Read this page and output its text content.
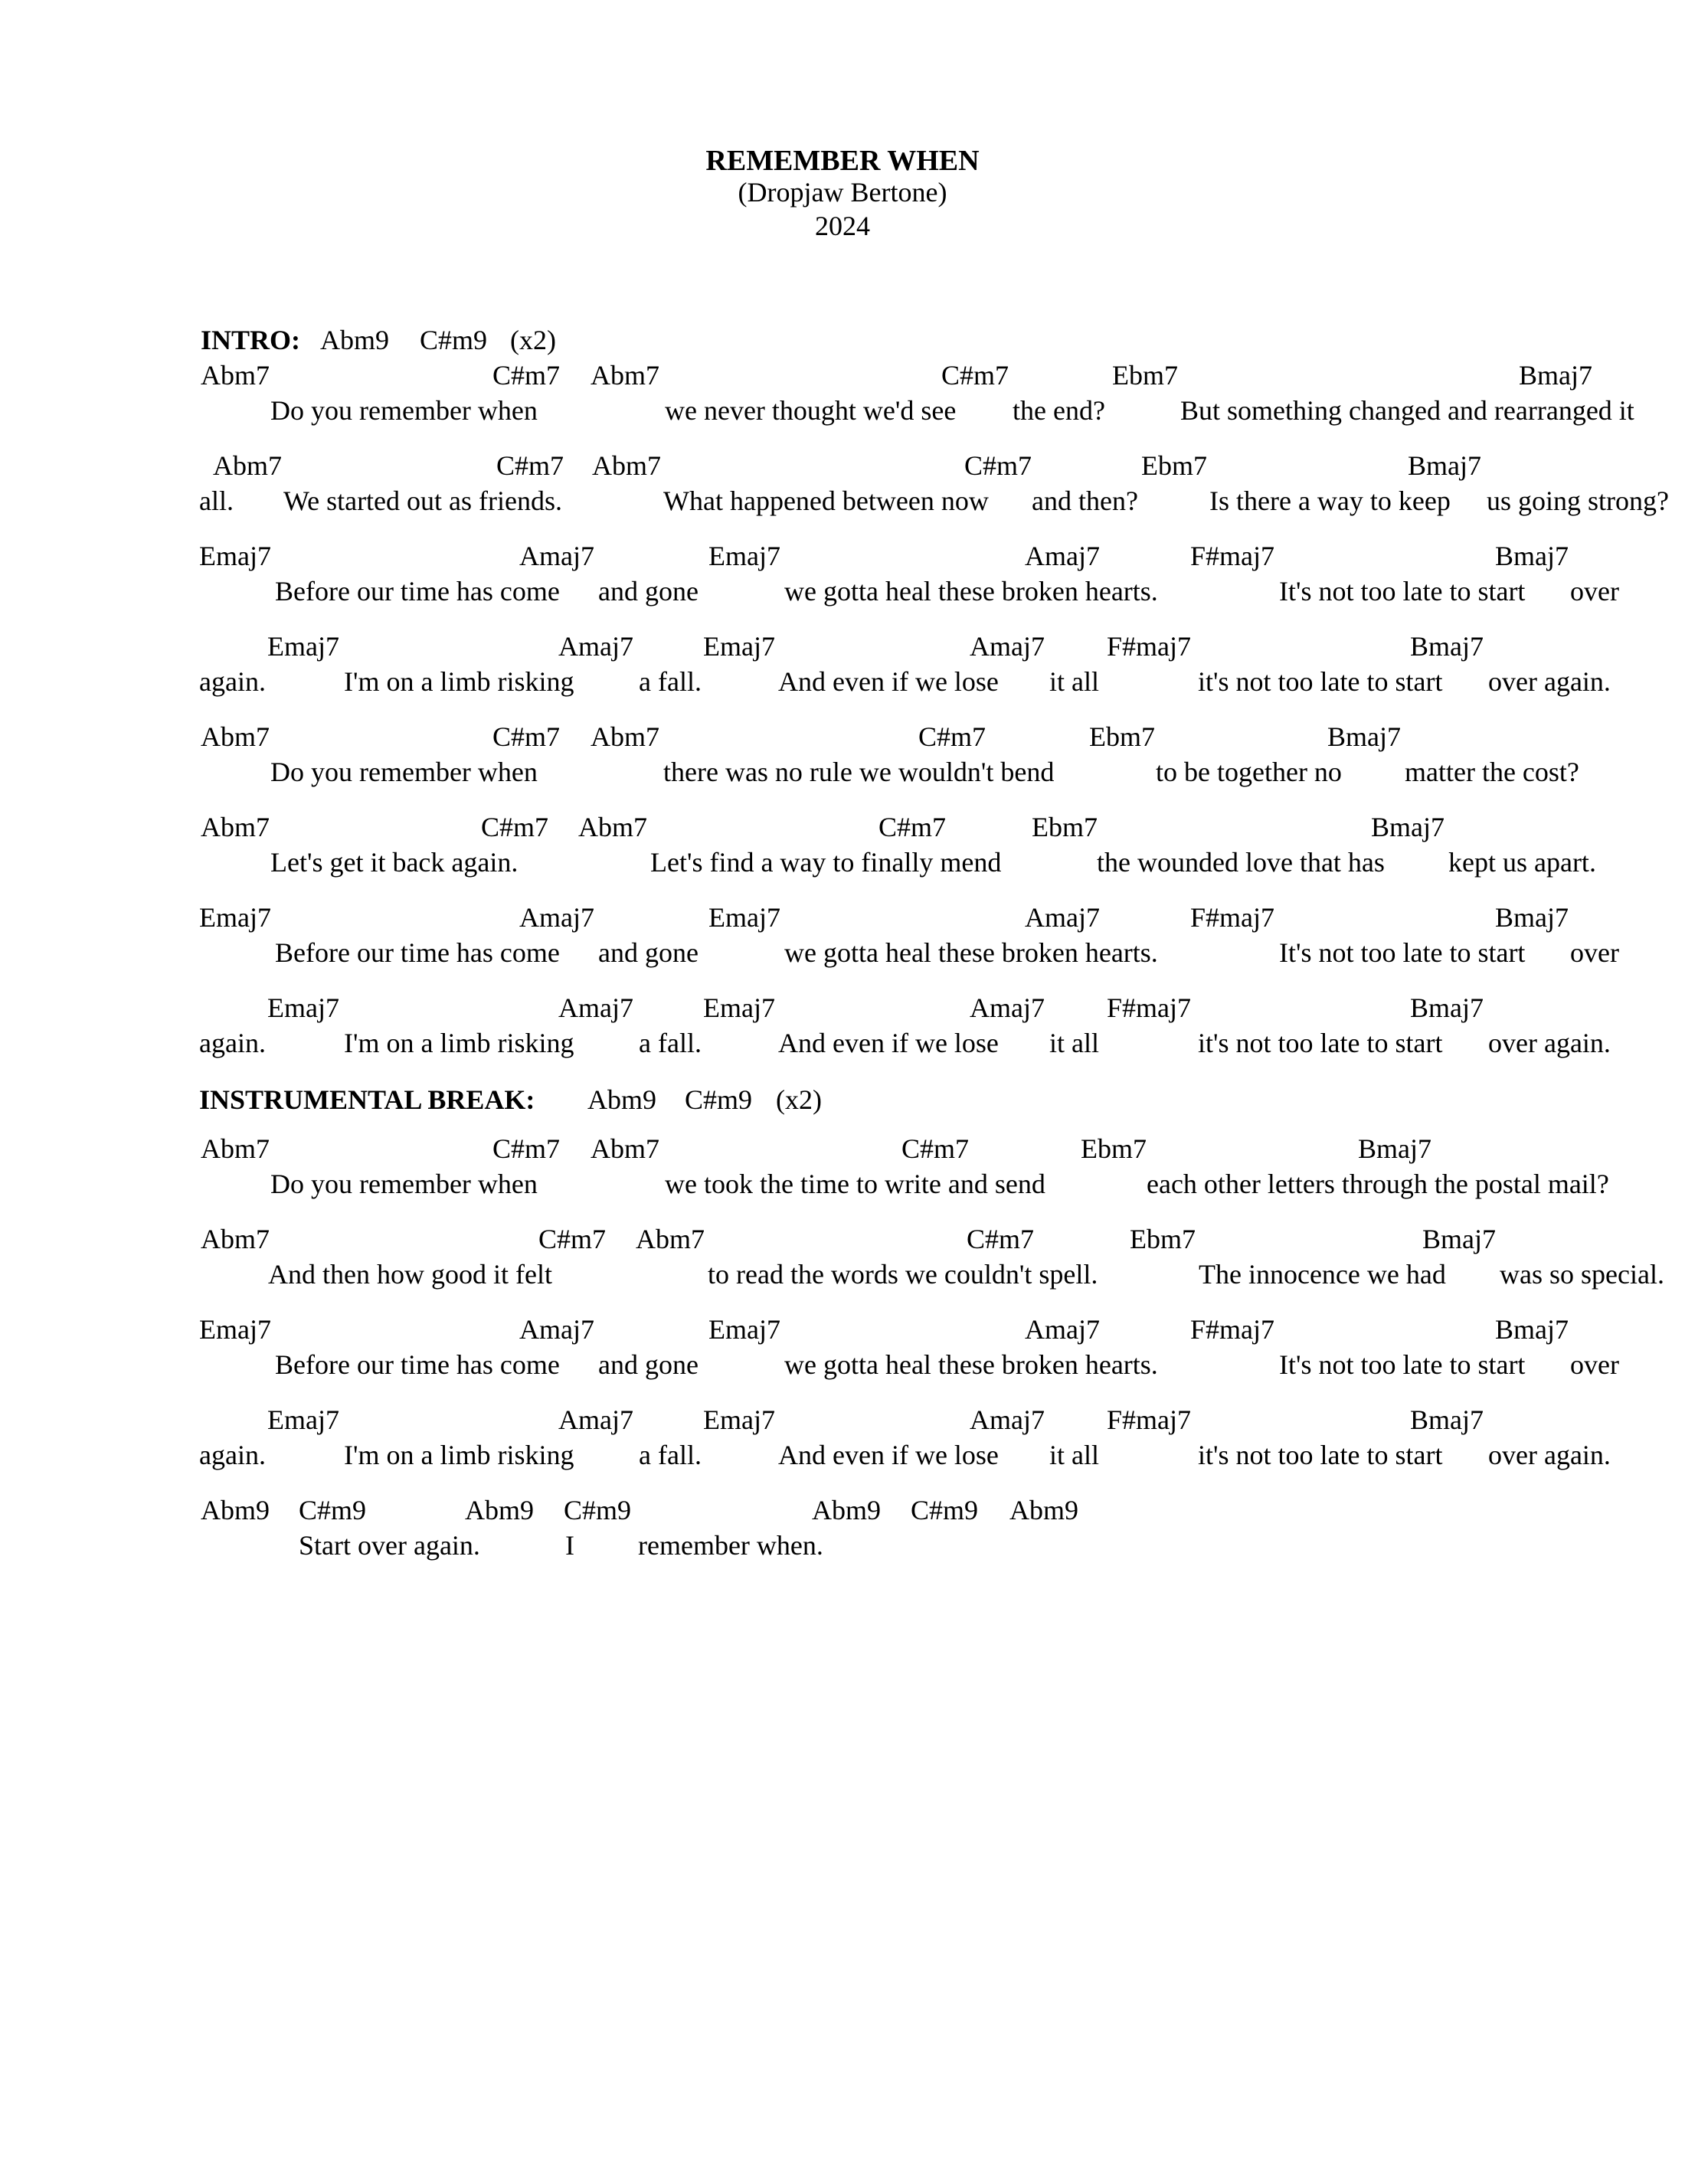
REMEMBER WHEN
(Dropjaw Bertone)
2024
INTRO: Abm9 C#m9 (x2)
Abm7	C#m7 Abm7	C#m7	Ebm7	Bmaj7
Do you remember when	we never thought we'd see the end?	But something changed and rearranged it
Abm7	C#m7 Abm7	C#m7	Ebm7	Bmaj7
all. We started out as friends.	What happened between now and then?	Is there a way to keep us going strong?
Emaj7	Amaj7	Emaj7	Amaj7	F#maj7	Bmaj7
Before our time has come and gone	we gotta heal these broken hearts.	It's not too late to start over
Emaj7	Amaj7	Emaj7	Amaj7 F#maj7	Bmaj7
again.	I'm on a limb risking a fall.	And even if we lose it all	it's not too late to start over again.
Abm7	C#m7 Abm7	C#m7	Ebm7	Bmaj7
Do you remember when	there was no rule we wouldn't bend	to be together no matter the cost?
Abm7	C#m7 Abm7	C#m7	Ebm7	Bmaj7
Let's get it back again.	Let's find a way to finally mend	the wounded love that has kept us apart.
Emaj7	Amaj7	Emaj7	Amaj7	F#maj7	Bmaj7
Before our time has come and gone	we gotta heal these broken hearts.	It's not too late to start over
Emaj7	Amaj7	Emaj7	Amaj7 F#maj7	Bmaj7
again.	I'm on a limb risking a fall.	And even if we lose it all	it's not too late to start over again.
INSTRUMENTAL BREAK: Abm9 C#m9 (x2)
Abm7	C#m7 Abm7	C#m7	Ebm7	Bmaj7
Do you remember when	we took the time to write and send	each other letters through the postal mail?
Abm7	C#m7 Abm7	C#m7	Ebm7	Bmaj7
And then how good it felt	to read the words we couldn't spell.	The innocence we had was so special.
Emaj7	Amaj7	Emaj7	Amaj7	F#maj7	Bmaj7
Before our time has come and gone	we gotta heal these broken hearts.	It's not too late to start over
Emaj7	Amaj7	Emaj7	Amaj7 F#maj7	Bmaj7
again.	I'm on a limb risking a fall.	And even if we lose it all	it's not too late to start over again.
Abm9 C#m9	Abm9 C#m9	Abm9 C#m9 Abm9
Start over again.	I remember when.
